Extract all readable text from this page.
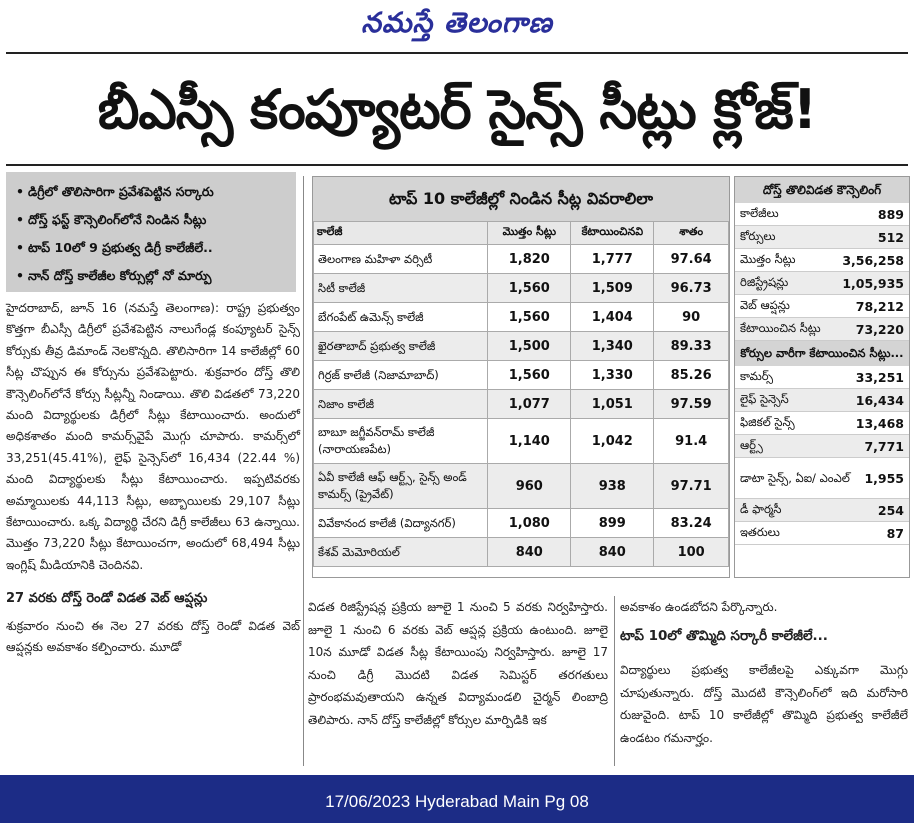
నమస్తే తెలంగాణ
బీఎస్సీ కంప్యూటర్ సైన్స్ సీట్లు క్లోజ్!
• డిగ్రీలో తొలిసారిగా ప్రవేశపెట్టిన సర్కారు
• దోస్త్ ఫస్ట్ కౌన్సెలింగ్‌లోనే నిండిన సీట్లు
• టాప్ 10లో 9 ప్రభుత్వ డిగ్రీ కాలేజీలే..
• నాన్ దోస్త్ కాలేజీల కోర్సుల్లో నో మార్పు

హైదరాబాద్, జూన్ 16 (నమస్తే తెలంగాణ): రాష్ట్ర ప్రభుత్వం కొత్తగా బీఎస్సీ డిగ్రీలో ప్రవేశపెట్టిన నాలుగేండ్ల కంప్యూటర్ సైన్స్ కోర్సుకు తీవ్ర డిమాండ్ నెలకొన్నది. తొలిసారిగా 14 కాలేజీల్లో 60 సీట్ల చొప్పున ఈ కోర్సును ప్రవేశపెట్టారు. శుక్రవారం దోస్త్ తొలి కౌన్సెలింగ్‌లోనే కోర్సు సీట్లన్నీ నిండాయి. తొలి విడతలో 73,220 మంది విద్యార్థులకు డిగ్రీలో సీట్లు కేటాయించారు. అందులో అధికశాతం మంది కామర్స్‌వైపే మొగ్గు చూపారు. కామర్స్‌లో 33,251(45.41%), లైఫ్ సైన్సెస్‌లో 16,434 (22.44 %) మంది విద్యార్థులకు సీట్లు కేటాయించారు. ఇప్పటివరకు అమ్మాయిలకు 44,113 సీట్లు, అబ్బాయిలకు 29,107 సీట్లు కేటాయించారు. ఒక్క విద్యార్థి చేరని డిగ్రీ కాలేజీలు 63 ఉన్నాయి. మొత్తం 73,220 సీట్లు కేటాయించగా, అందులో 68,494 సీట్లు ఇంగ్లిష్ మీడియానికి చెందినవి.

27 వరకు దోస్త్ రెండో విడత వెబ్ ఆప్షన్లు

శుక్రవారం నుంచి ఈ నెల 27 వరకు దోస్త్ రెండో విడత వెబ్ ఆప్షన్లకు అవకాశం కల్పించారు. మూడో

టాప్ 10 కాలేజీల్లో నిండిన సీట్ల వివరాలిలా
కాలేజీ	మొత్తం సీట్లు	కేటాయించినవి	శాతం
తెలంగాణ మహిళా వర్సిటీ	1,820	1,777	97.64
సిటీ కాలేజీ	1,560	1,509	96.73
బేగంపేట్ ఉమెన్స్ కాలేజీ	1,560	1,404	90
ఖైరతాబాద్ ప్రభుత్వ కాలేజీ	1,500	1,340	89.33
గిర్రజ్ కాలేజీ (నిజామాబాద్)	1,560	1,330	85.26
నిజాం కాలేజీ	1,077	1,051	97.59
బాబూ జగ్జీవన్‌రామ్ కాలేజీ (నారాయణపేట)	1,140	1,042	91.4
ఏవీ కాలేజీ ఆఫ్ ఆర్ట్స్, సైన్స్ అండ్ కామర్స్ (ప్రైవేట్)	960	938	97.71
వివేకానంద కాలేజీ (విద్యానగర్)	1,080	899	83.24
కేశవ్ మెమోరియల్	840	840	100
దోస్త్ తొలివిడత కౌన్సెలింగ్
కాలేజీలు	889
కోర్సులు	512
మొత్తం సీట్లు	3,56,258
రిజిస్ట్రేషన్లు	1,05,935
వెబ్ ఆప్షన్లు	78,212
కేటాయించిన సీట్లు	73,220
కోర్సుల వారీగా కేటాయించిన సీట్లు...
కామర్స్	33,251
లైఫ్ సైన్సెస్	16,434
ఫిజికల్ సైన్స్	13,468
ఆర్ట్స్	7,771
డాటా సైన్స్, ఏఐ/ ఎంఎల్ 1,955
డీ ఫార్మసీ	254
ఇతరులు	87
విడత రిజిస్ట్రేషన్ల ప్రక్రియ జూలై 1 నుంచి 5 వరకు నిర్వహిస్తారు. జూలై 1 నుంచి 6 వరకు వెబ్ ఆప్షన్ల ప్రక్రియ ఉంటుంది. జూలై 10న మూడో విడత సీట్ల కేటాయింపు నిర్వహిస్తారు. జూలై 17 నుంచి డిగ్రీ మొదటి విడత సెమిస్టర్ తరగతులు ప్రారంభమవుతాయని ఉన్నత విద్యామండలి చైర్మన్ లింబాద్రి తెలిపారు. నాన్ దోస్త్ కాలేజీల్లో కోర్సుల మార్పిడికి ఇక

అవకాశం ఉండబోదని పేర్కొన్నారు.

టాప్ 10లో తొమ్మిది సర్కారీ కాలేజీలే...

విద్యార్థులు ప్రభుత్వ కాలేజీలపై ఎక్కువగా మొగ్గు చూపుతున్నారు. దోస్త్ మొదటి కౌన్సెలింగ్‌లో ఇది మరోసారి రుజువైంది. టాప్ 10 కాలేజీల్లో తొమ్మిది ప్రభుత్వ కాలేజీలే ఉండటం గమనార్హం.

17/06/2023 Hyderabad Main Pg 08
